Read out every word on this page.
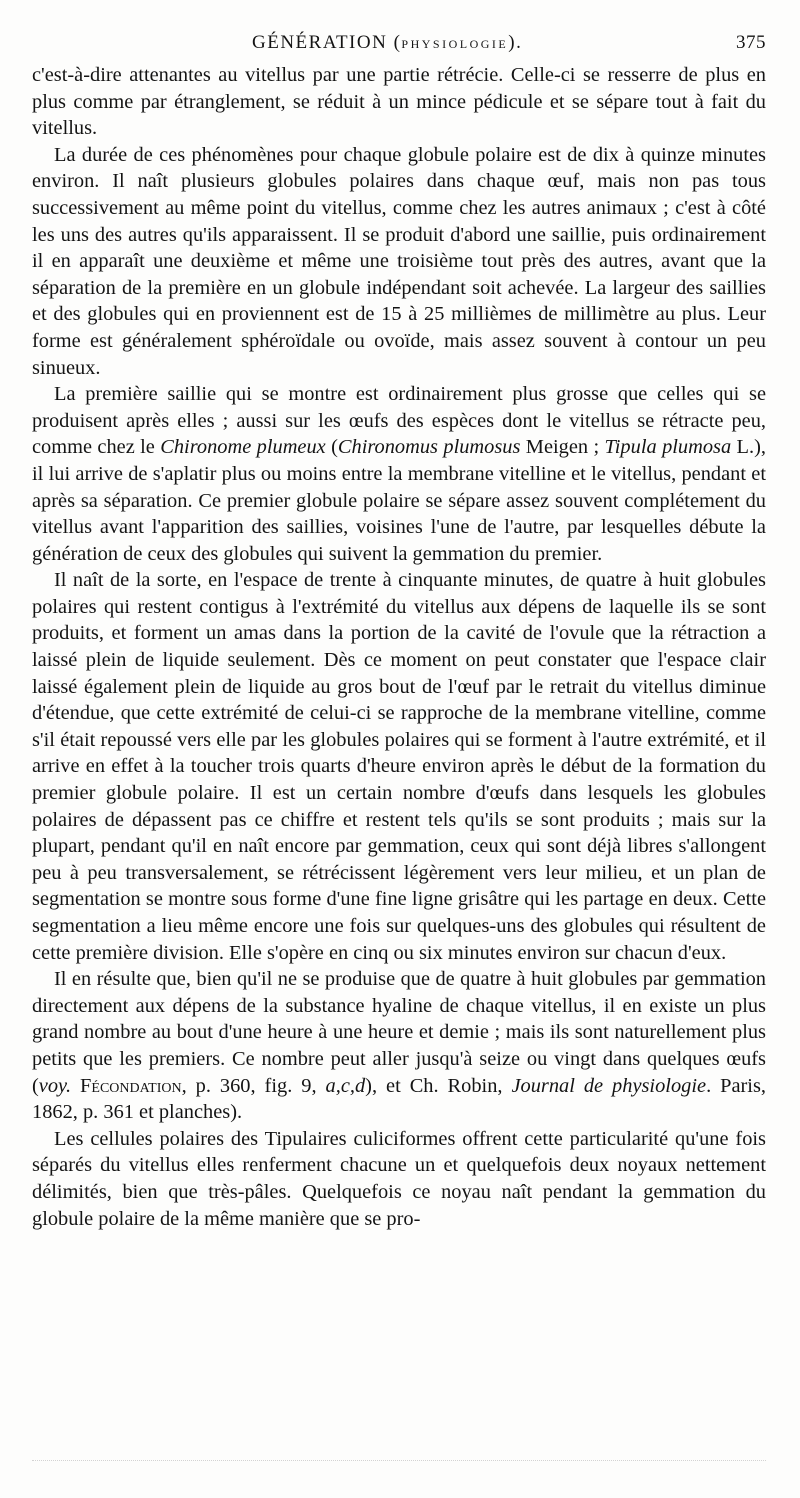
GÉNÉRATION (PHYSIOLOGIE).	375

c'est-à-dire attenantes au vitellus par une partie rétrécie. Celle-ci se resserre de plus en plus comme par étranglement, se réduit à un mince pédicule et se sépare tout à fait du vitellus.

La durée de ces phénomènes pour chaque globule polaire est de dix à quinze minutes environ. Il naît plusieurs globules polaires dans chaque œuf, mais non pas tous successivement au même point du vitellus, comme chez les autres animaux ; c'est à côté les uns des autres qu'ils apparaissent. Il se produit d'abord une saillie, puis ordinairement il en apparaît une deuxième et même une troisième tout près des autres, avant que la séparation de la première en un globule indépendant soit achevée. La largeur des saillies et des globules qui en proviennent est de 15 à 25 millièmes de millimètre au plus. Leur forme est généralement sphéroïdale ou ovoïde, mais assez souvent à contour un peu sinueux.

La première saillie qui se montre est ordinairement plus grosse que celles qui se produisent après elles ; aussi sur les œufs des espèces dont le vitellus se rétracte peu, comme chez le Chironome plumeux (Chironomus plumosus Meigen ; Tipula plumosa L.), il lui arrive de s'aplatir plus ou moins entre la membrane vitelline et le vitellus, pendant et après sa séparation. Ce premier globule polaire se sépare assez souvent complétement du vitellus avant l'apparition des saillies, voisines l'une de l'autre, par lesquelles débute la génération de ceux des globules qui suivent la gemmation du premier.

Il naît de la sorte, en l'espace de trente à cinquante minutes, de quatre à huit globules polaires qui restent contigus à l'extrémité du vitellus aux dépens de laquelle ils se sont produits, et forment un amas dans la portion de la cavité de l'ovule que la rétraction a laissé plein de liquide seulement. Dès ce moment on peut constater que l'espace clair laissé également plein de liquide au gros bout de l'œuf par le retrait du vitellus diminue d'étendue, que cette extrémité de celui-ci se rapproche de la membrane vitelline, comme s'il était repoussé vers elle par les globules polaires qui se forment à l'autre extrémité, et il arrive en effet à la toucher trois quarts d'heure environ après le début de la formation du premier globule polaire. Il est un certain nombre d'œufs dans lesquels les globules polaires de dépassent pas ce chiffre et restent tels qu'ils se sont produits ; mais sur la plupart, pendant qu'il en naît encore par gemmation, ceux qui sont déjà libres s'allongent peu à peu transversalement, se rétrécissent légèrement vers leur milieu, et un plan de segmentation se montre sous forme d'une fine ligne grisâtre qui les partage en deux. Cette segmentation a lieu même encore une fois sur quelques-uns des globules qui résultent de cette première division. Elle s'opère en cinq ou six minutes environ sur chacun d'eux.

Il en résulte que, bien qu'il ne se produise que de quatre à huit globules par gemmation directement aux dépens de la substance hyaline de chaque vitellus, il en existe un plus grand nombre au bout d'une heure à une heure et demie ; mais ils sont naturellement plus petits que les premiers. Ce nombre peut aller jusqu'à seize ou vingt dans quelques œufs (voy. Fécondation, p. 360, fig. 9, a,c,d), et Ch. Robin, Journal de physiologie. Paris, 1862, p. 361 et planches).

Les cellules polaires des Tipulaires culiciformes offrent cette particularité qu'une fois séparés du vitellus elles renferment chacune un et quelquefois deux noyaux nettement délimités, bien que très-pâles. Quelquefois ce noyau naît pendant la gemmation du globule polaire de la même manière que se pro-
